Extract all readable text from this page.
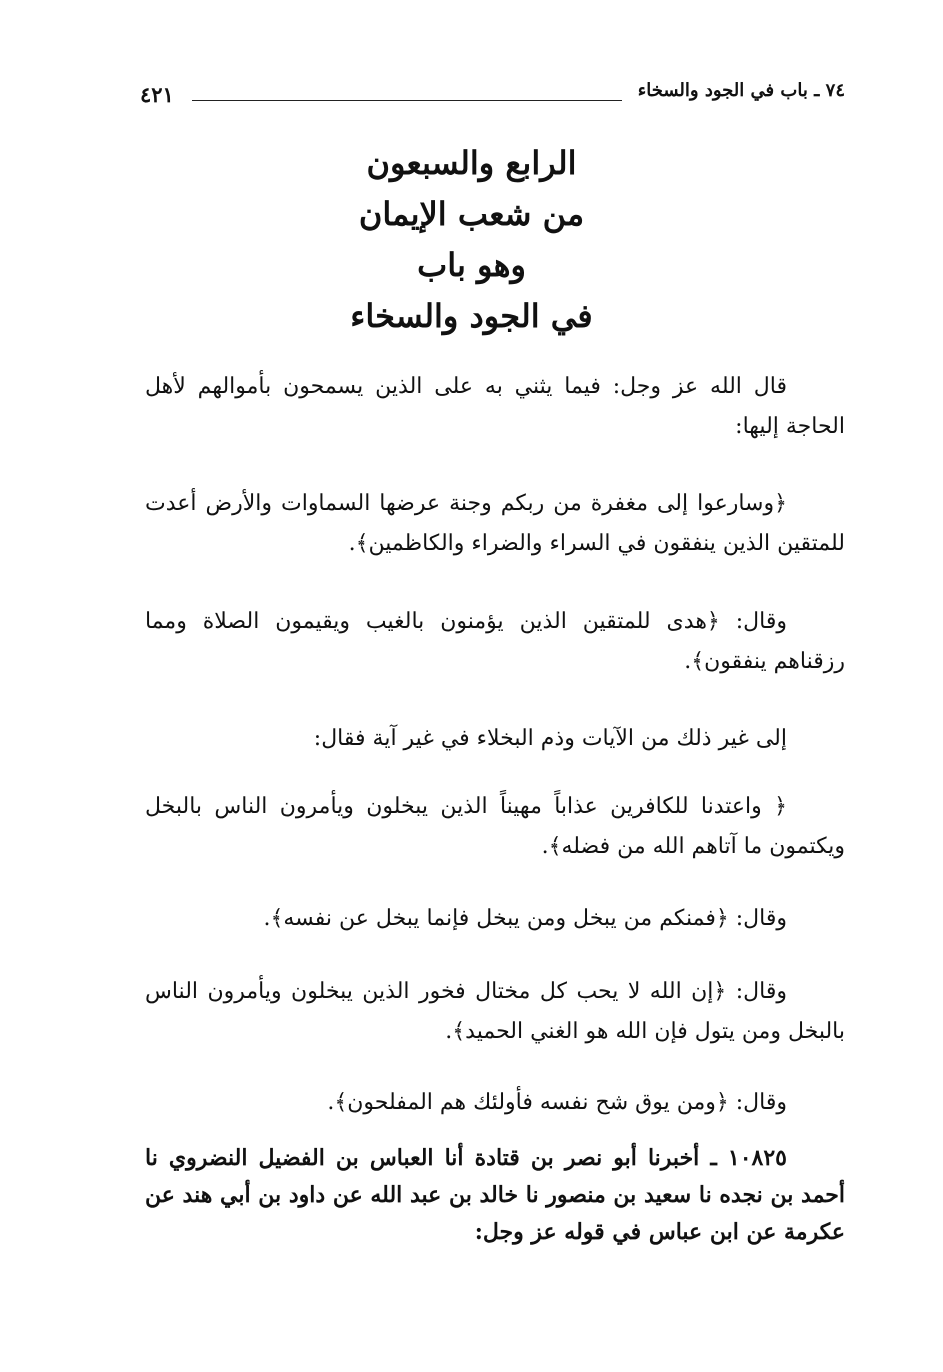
٤٢١	٧٤ ـ باب في الجود والسخاء
الرابع والسبعون
من شعب الإيمان
وهو باب
في الجود والسخاء
قال الله عز وجل: فيما يثني به على الذين يسمحون بأموالهم لأهل الحاجة إليها:
﴿وسارعوا إلى مغفرة من ربكم وجنة عرضها السماوات والأرض أعدت للمتقين الذين ينفقون في السراء والضراء والكاظمين﴾.
وقال: ﴿هدى للمتقين الذين يؤمنون بالغيب ويقيمون الصلاة ومما رزقناهم ينفقون﴾.
إلى غير ذلك من الآيات وذم البخلاء في غير آية فقال:
﴿ واعتدنا للكافرين عذاباً مهيناً الذين يبخلون ويأمرون الناس بالبخل ويكتمون ما آتاهم الله من فضله﴾.
وقال: ﴿فمنكم من يبخل ومن يبخل فإنما يبخل عن نفسه﴾.
وقال: ﴿إن الله لا يحب كل مختال فخور الذين يبخلون ويأمرون الناس بالبخل ومن يتول فإن الله هو الغني الحميد﴾.
وقال: ﴿ومن يوق شح نفسه فأولئك هم المفلحون﴾.
١٠٨٢٥ ـ أخبرنا أبو نصر بن قتادة أنا العباس بن الفضيل النضروي نا أحمد بن نجده نا سعيد بن منصور نا خالد بن عبد الله عن داود بن أبي هند عن عكرمة عن ابن عباس في قوله عز وجل:
